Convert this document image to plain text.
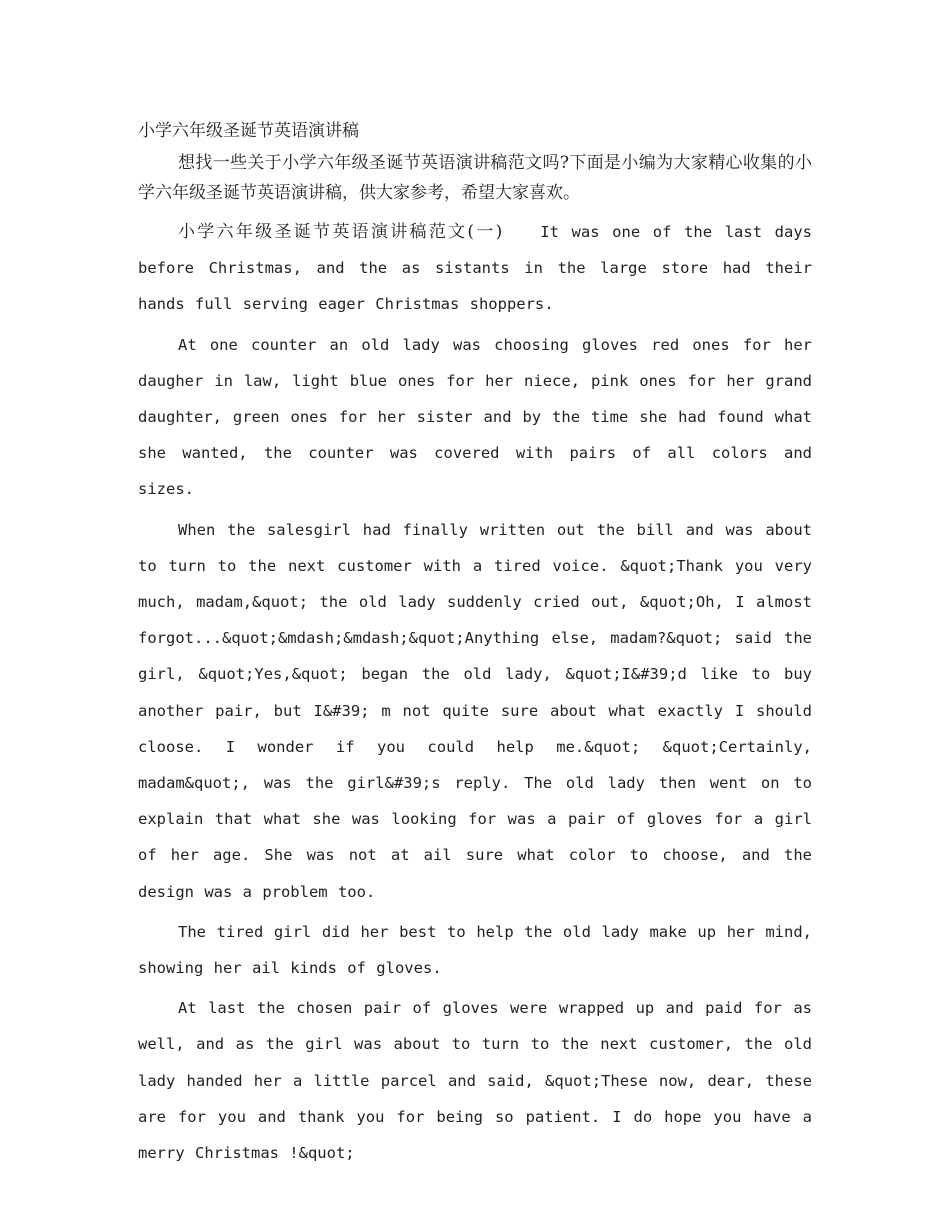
小学六年级圣诞节英语演讲稿

想找一些关于小学六年级圣诞节英语演讲稿范文吗?下面是小编为大家精心收集的小学六年级圣诞节英语演讲稿，供大家参考，希望大家喜欢。

小学六年级圣诞节英语演讲稿范文(一) It was one of the last days before Christmas, and the as sistants in the large store had their hands full serving eager Christmas shoppers.

At one counter an old lady was choosing gloves red ones for her daugher in law, light blue ones for her niece, pink ones for her grand daughter, green ones for her sister and by the time she had found what she wanted, the counter was covered with pairs of all colors and sizes.

When the salesgirl had finally written out the bill and was about to turn to the next customer with a tired voice. &quot;Thank you very much, madam,&quot; the old lady suddenly cried out, &quot;Oh, I almost forgot...&quot;&mdash;&mdash;&quot;Anything else, madam?&quot; said the girl, &quot;Yes,&quot; began the old lady, &quot;I&#39;d like to buy another pair, but I&#39; m not quite sure about what exactly I should cloose. I wonder if you could help me.&quot; &quot;Certainly, madam&quot;, was the girl&#39;s reply. The old lady then went on to explain that what she was looking for was a pair of gloves for a girl of her age. She was not at ail sure what color to choose, and the design was a problem too.

The tired girl did her best to help the old lady make up her mind, showing her ail kinds of gloves.

At last the chosen pair of gloves were wrapped up and paid for as well, and as the girl was about to turn to the next customer, the old lady handed her a little parcel and said, &quot;These now, dear, these are for you and thank you for being so patient. I do hope you have a merry Christmas !&quot;
